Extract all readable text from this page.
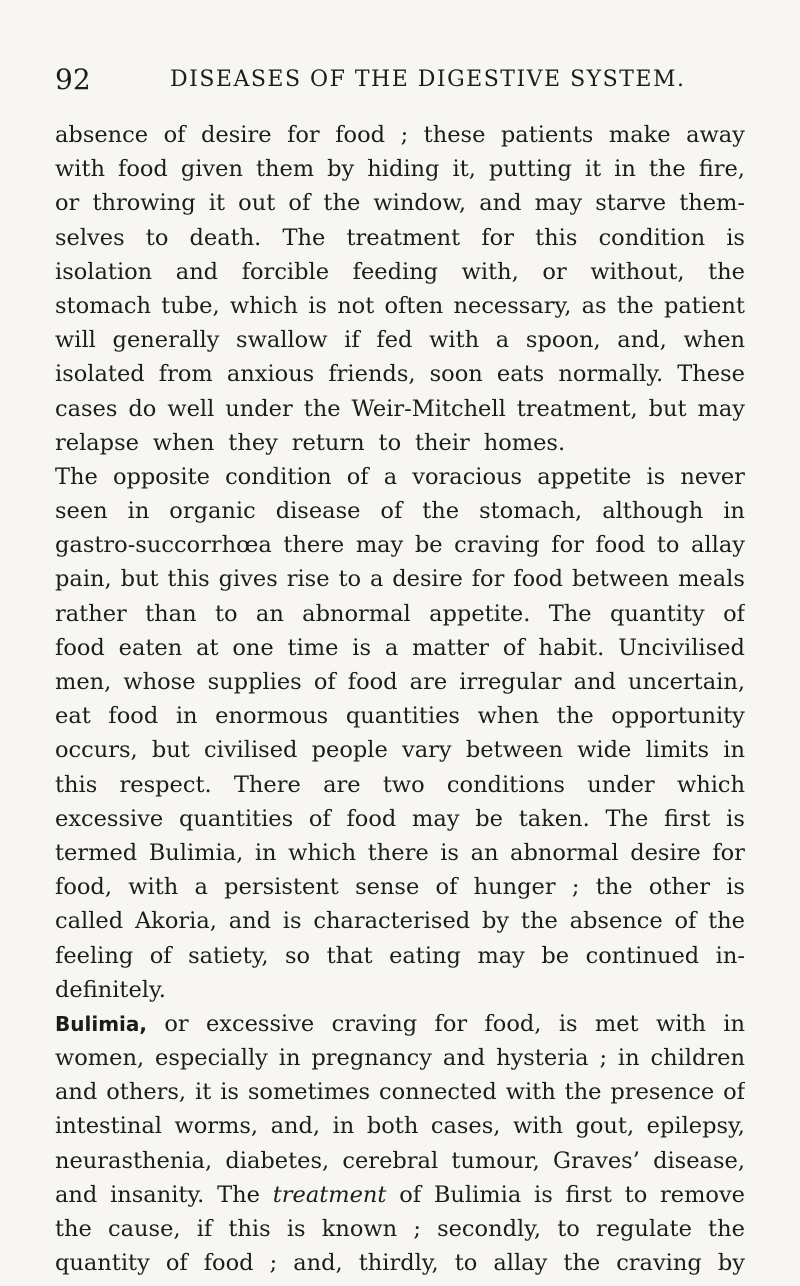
92	DISEASES OF THE DIGESTIVE SYSTEM.
absence of desire for food ; these patients make away
with food given them by hiding it, putting it in the fire,
or throwing it out of the window, and may starve them-
selves to death. The treatment for this condition is
isolation and forcible feeding with, or without, the
stomach tube, which is not often necessary, as the patient
will generally swallow if fed with a spoon, and, when
isolated from anxious friends, soon eats normally. These
cases do well under the Weir-Mitchell treatment, but may
relapse when they return to their homes.
The opposite condition of a voracious appetite is never
seen in organic disease of the stomach, although in
gastro-succorrhœa there may be craving for food to allay
pain, but this gives rise to a desire for food between meals
rather than to an abnormal appetite. The quantity of
food eaten at one time is a matter of habit. Uncivilised
men, whose supplies of food are irregular and uncertain,
eat food in enormous quantities when the opportunity
occurs, but civilised people vary between wide limits in
this respect. There are two conditions under which
excessive quantities of food may be taken. The first is
termed Bulimia, in which there is an abnormal desire for
food, with a persistent sense of hunger ; the other is
called Akoria, and is characterised by the absence of the
feeling of satiety, so that eating may be continued in-
definitely.
Bulimia, or excessive craving for food, is met with in
women, especially in pregnancy and hysteria ; in children
and others, it is sometimes connected with the presence of
intestinal worms, and, in both cases, with gout, epilepsy,
neurasthenia, diabetes, cerebral tumour, Graves’ disease,
and insanity. The treatment of Bulimia is first to remove
the cause, if this is known ; secondly, to regulate the
quantity of food ; and, thirdly, to allay the craving by
